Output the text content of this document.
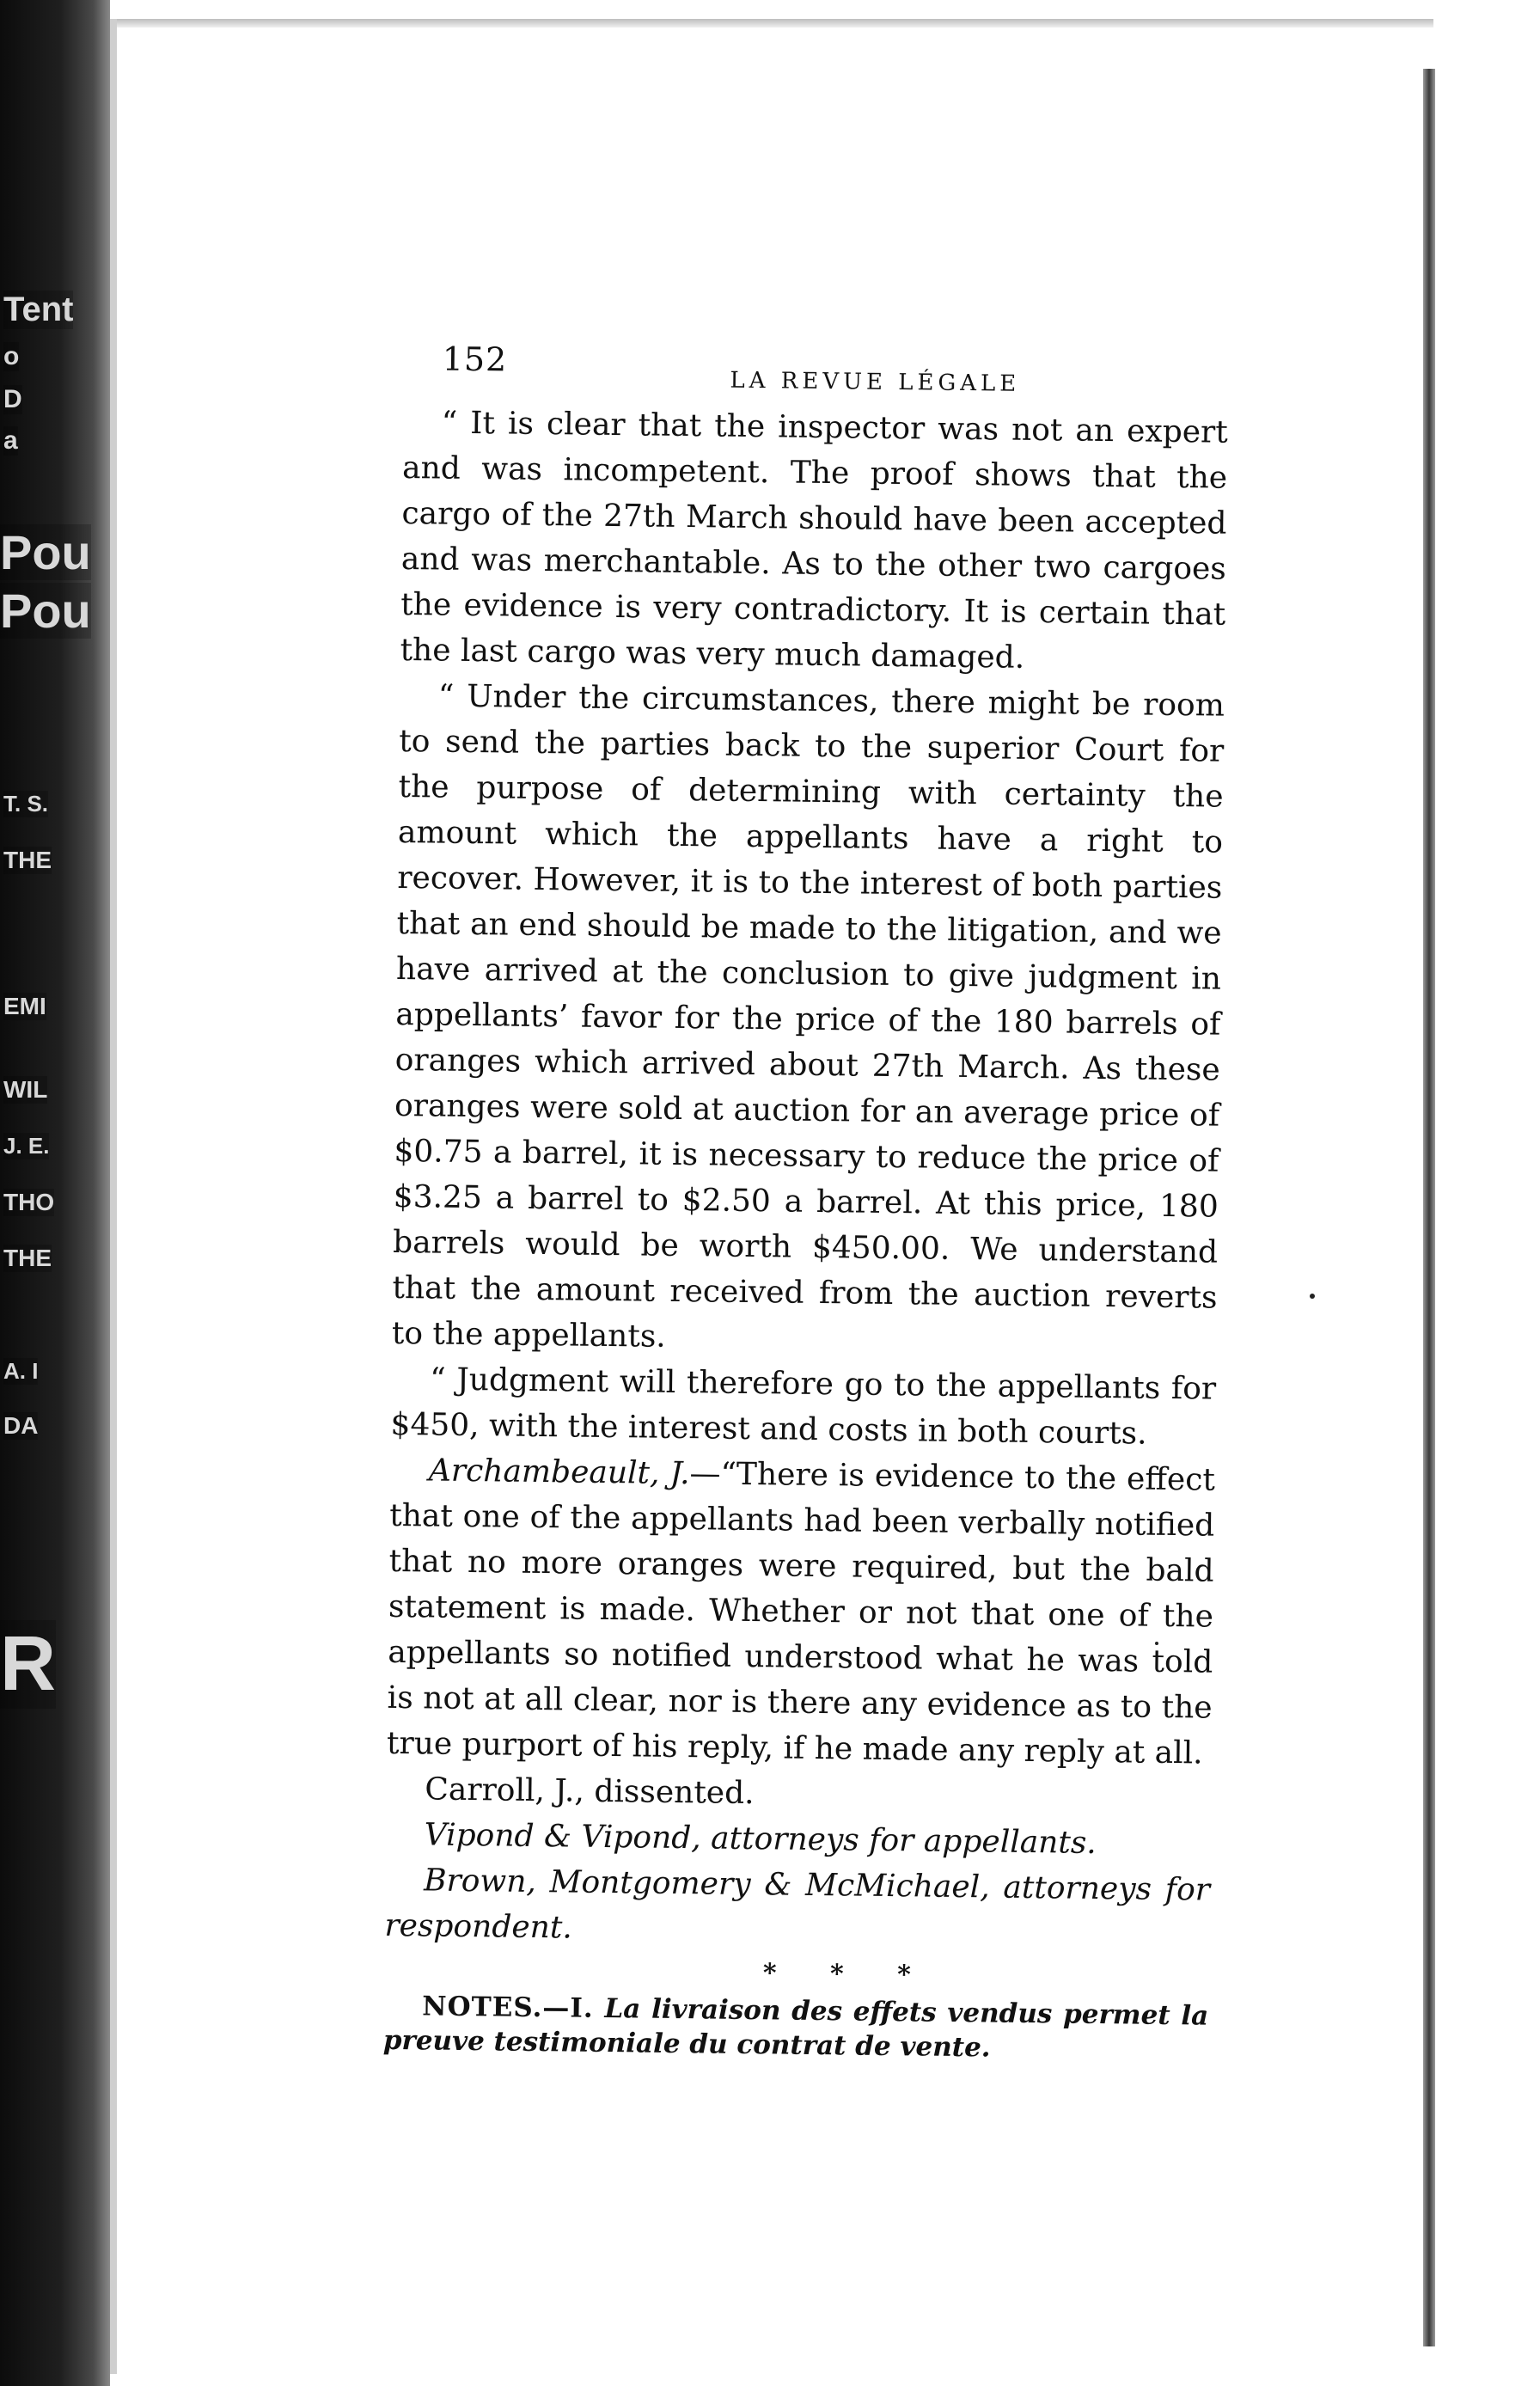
Tent
o
D
a
Pou
Pou
T. S.
THE
EMI
WIL
J. E.
THO
THE
A. I
DA
R
152
LA REVUE LÉGALE

“ It is clear that the inspector was not an expert and was incompetent. The proof shows that the cargo of the 27th March should have been accepted and was merchantable. As to the other two cargoes the evidence is very contradictory. It is certain that the last cargo was very much damaged.

“ Under the circumstances, there might be room to send the parties back to the superior Court for the purpose of determining with certainty the amount which the appellants have a right to recover. However, it is to the interest of both parties that an end should be made to the litigation, and we have arrived at the conclusion to give judgment in appellants’ favor for the price of the 180 barrels of oranges which arrived about 27th March. As these oranges were sold at auction for an average price of $0.75 a barrel, it is necessary to reduce the price of $3.25 a barrel to $2.50 a barrel. At this price, 180 barrels would be worth $450.00. We understand that the amount received from the auction reverts to the appellants.

“ Judgment will therefore go to the appellants for $450, with the interest and costs in both courts.

Archambeault, J.—“There is evidence to the effect that one of the appellants had been verbally notified that no more oranges were required, but the bald statement is made. Whether or not that one of the appellants so notified understood what he was told is not at all clear, nor is there any evidence as to the true purport of his reply, if he made any reply at all.

Carroll, J., dissented.

Vipond & Vipond, attorneys for appellants.

Brown, Montgomery & McMichael, attorneys for respondent.

* * *

NOTES.—I. La livraison des effets vendus permet la preuve testimoniale du contrat de vente.
